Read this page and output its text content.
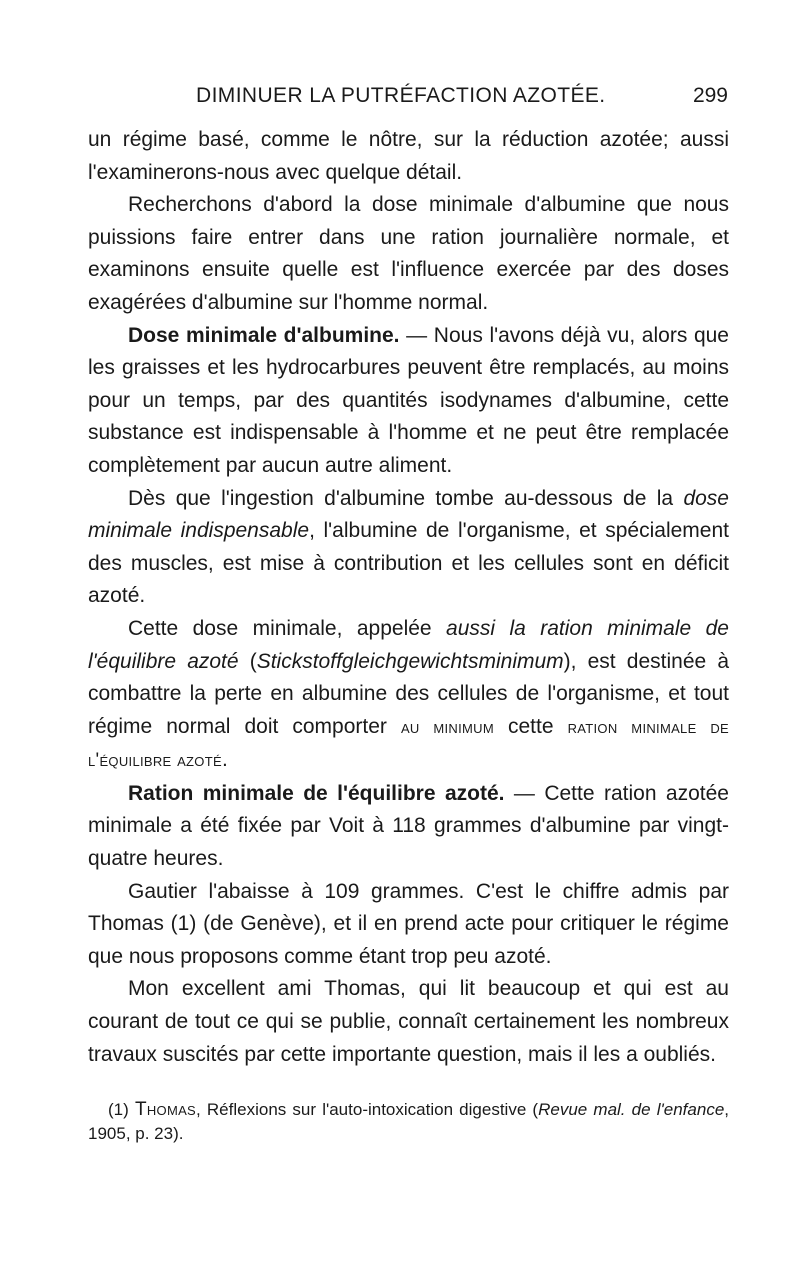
DIMINUER LA PUTRÉFACTION AZOTÉE.	299

un régime basé, comme le nôtre, sur la réduction azotée; aussi l'examinerons-nous avec quelque détail.

Recherchons d'abord la dose minimale d'albumine que nous puissions faire entrer dans une ration journalière normale, et examinons ensuite quelle est l'influence exercée par des doses exagérées d'albumine sur l'homme normal.

Dose minimale d'albumine. — Nous l'avons déjà vu, alors que les graisses et les hydrocarbures peuvent être remplacés, au moins pour un temps, par des quantités isodynames d'albumine, cette substance est indispensable à l'homme et ne peut être remplacée complètement par aucun autre aliment.

Dès que l'ingestion d'albumine tombe au-dessous de la dose minimale indispensable, l'albumine de l'organisme, et spécialement des muscles, est mise à contribution et les cellules sont en déficit azoté.

Cette dose minimale, appelée aussi la ration minimale de l'équilibre azoté (Stickstoffgleichgewichtsminimum), est destinée à combattre la perte en albumine des cellules de l'organisme, et tout régime normal doit comporter au minimum cette ration minimale de l'équilibre azoté.

Ration minimale de l'équilibre azoté. — Cette ration azotée minimale a été fixée par Voit à 118 grammes d'albumine par vingt-quatre heures.

Gautier l'abaisse à 109 grammes. C'est le chiffre admis par Thomas (1) (de Genève), et il en prend acte pour critiquer le régime que nous proposons comme étant trop peu azoté.

Mon excellent ami Thomas, qui lit beaucoup et qui est au courant de tout ce qui se publie, connaît certainement les nombreux travaux suscités par cette importante question, mais il les a oubliés.

(1) Thomas, Réflexions sur l'auto-intoxication digestive (Revue mal. de l'enfance, 1905, p. 23).
